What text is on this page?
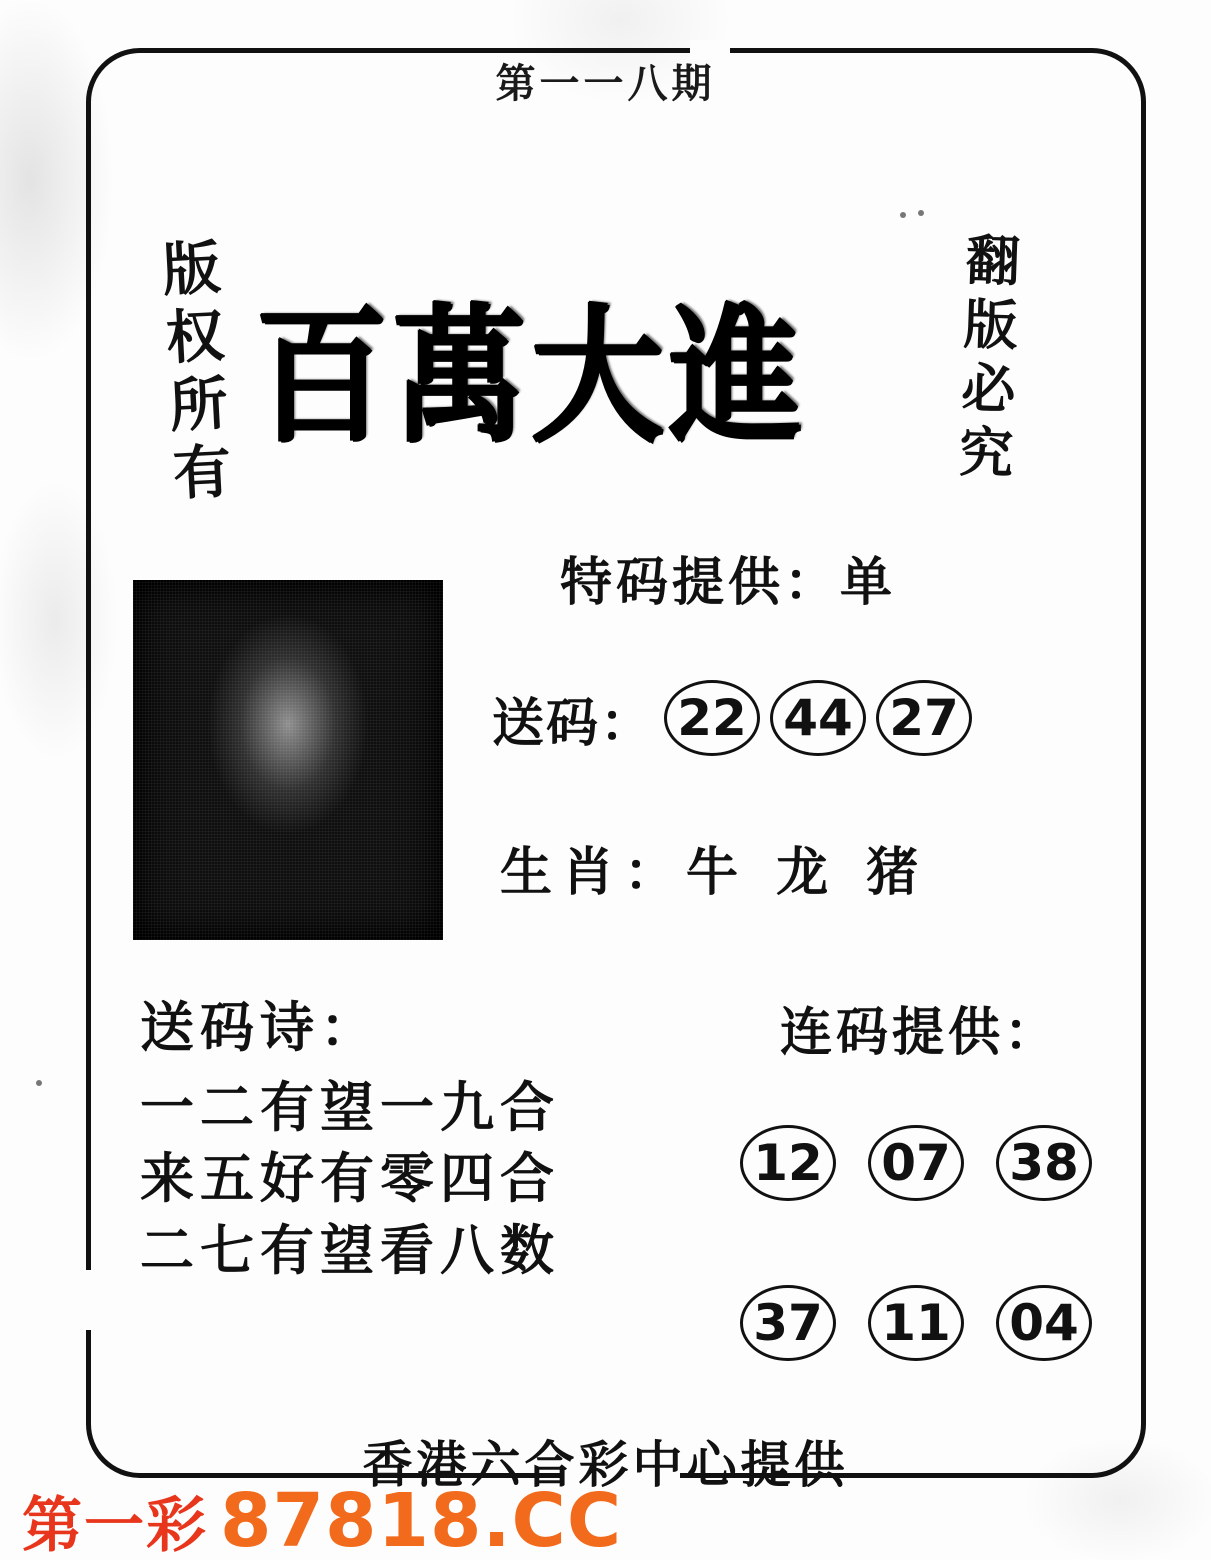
第一一八期
版权所有	翻版必究
百萬大進
特码提供：单
送码： 22 44 27
生肖：牛 龙 猪
送码诗：
一二有望一九合
来五好有零四合
二七有望看八数
连码提供：
12 07 38
37 11 04
香港六合彩中心提供
第一彩 87818.CC
